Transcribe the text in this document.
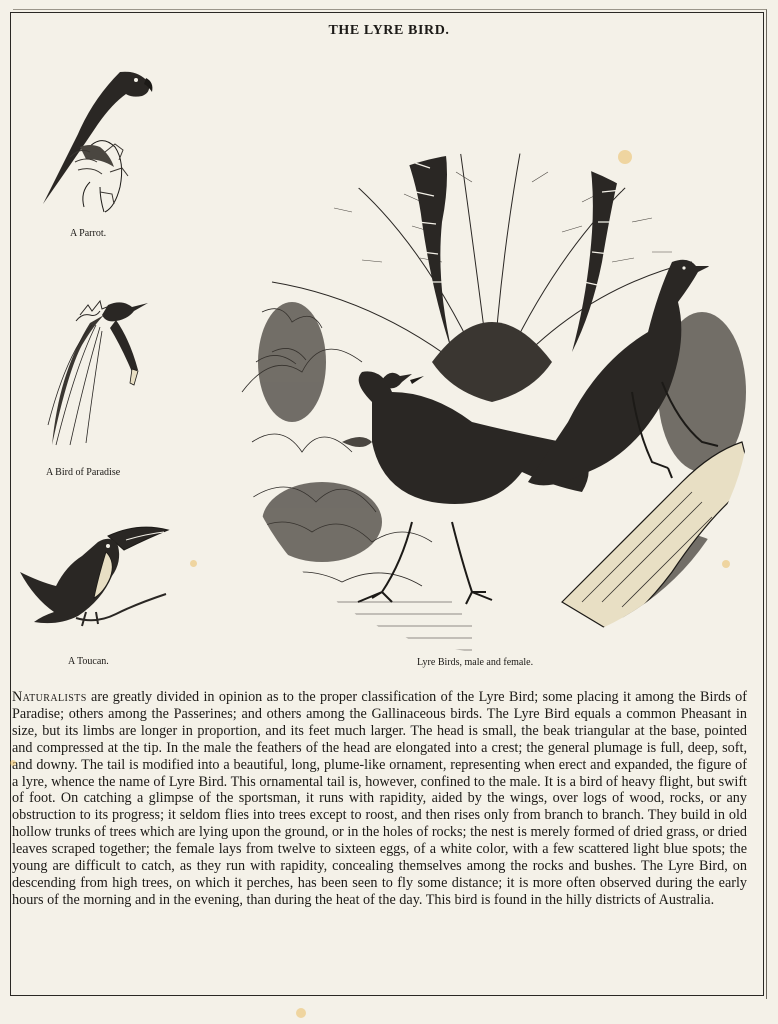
THE LYRE BIRD.
A Parrot.
A Bird of Paradise
A Toucan.	Lyre Birds, male and female.

Naturalists are greatly divided in opinion as to the proper classification of the Lyre Bird; some placing it among the Birds of Paradise; others among the Passerines; and others among the Gallinaceous birds. The Lyre Bird equals a common Pheasant in size, but its limbs are longer in proportion, and its feet much larger. The head is small, the beak triangular at the base, pointed and compressed at the tip. In the male the feathers of the head are elongated into a crest; the general plumage is full, deep, soft, and downy. The tail is modified into a beautiful, long, plume-like ornament, representing when erect and expanded, the figure of a lyre, whence the name of Lyre Bird. This ornamental tail is, however, confined to the male. It is a bird of heavy flight, but swift of foot. On catching a glimpse of the sportsman, it runs with rapidity, aided by the wings, over logs of wood, rocks, or any obstruction to its progress; it seldom flies into trees except to roost, and then rises only from branch to branch. They build in old hollow trunks of trees which are lying upon the ground, or in the holes of rocks; the nest is merely formed of dried grass, or dried leaves scraped together; the female lays from twelve to sixteen eggs, of a white color, with a few scattered light blue spots; the young are difficult to catch, as they run with rapidity, concealing themselves among the rocks and bushes. The Lyre Bird, on descending from high trees, on which it perches, has been seen to fly some distance; it is more often observed during the early hours of the morning and in the evening, than during the heat of the day. This bird is found in the hilly districts of Australia.
